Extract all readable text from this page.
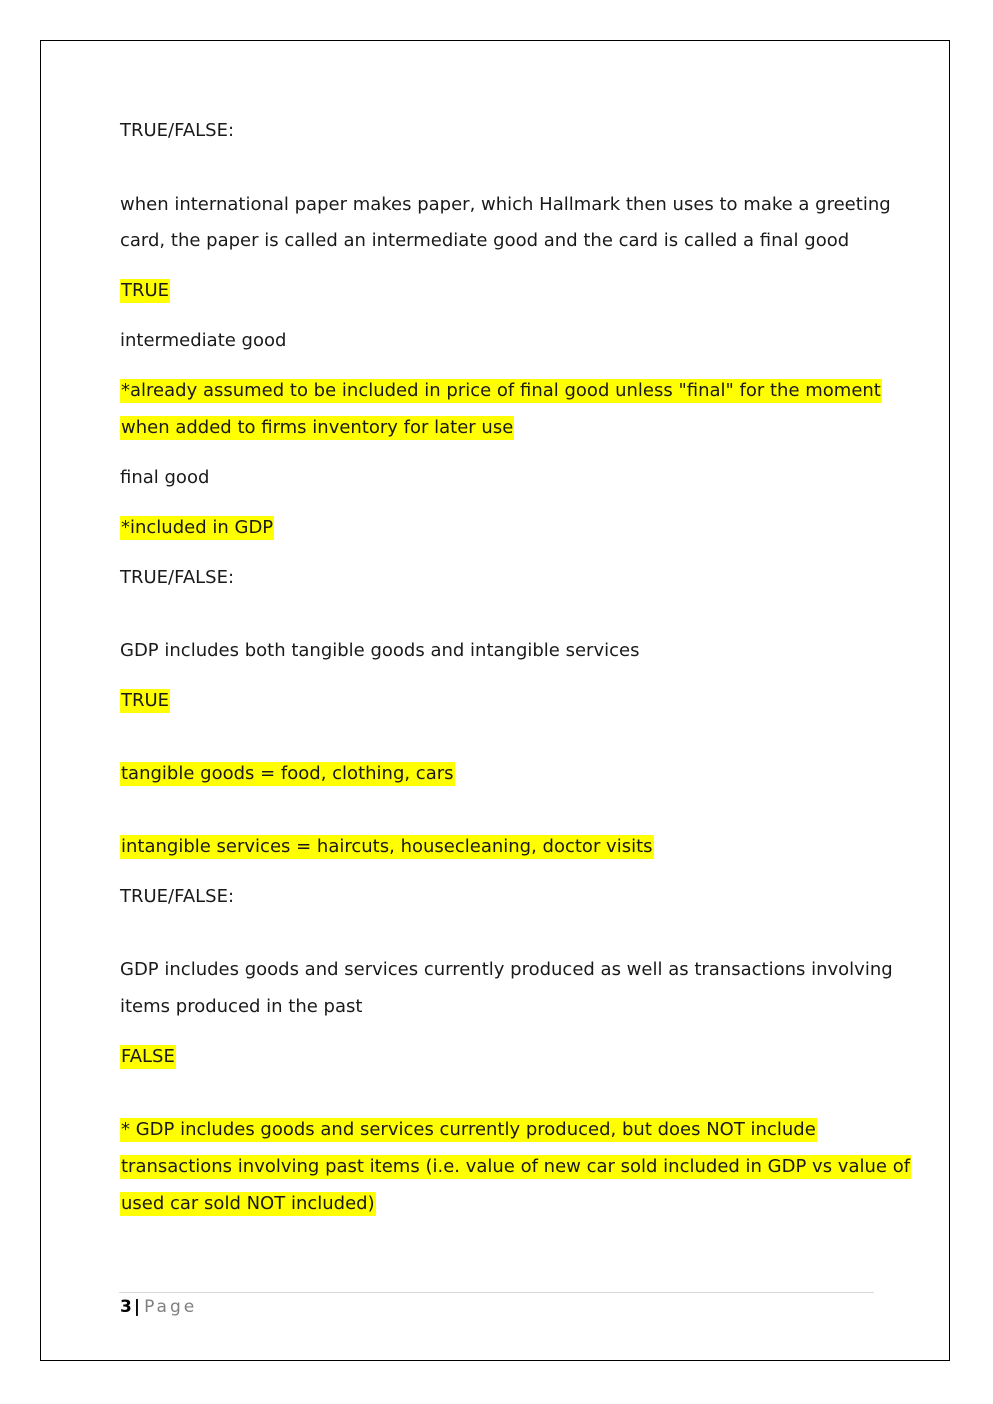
TRUE/FALSE:

when international paper makes paper, which Hallmark then uses to make a greeting

card, the paper is called an intermediate good and the card is called a final good

TRUE

intermediate good

*already assumed to be included in price of final good unless "final" for the moment

when added to firms inventory for later use

final good

*included in GDP

TRUE/FALSE:

GDP includes both tangible goods and intangible services

TRUE

tangible goods = food, clothing, cars

intangible services = haircuts, housecleaning, doctor visits

TRUE/FALSE:

GDP includes goods and services currently produced as well as transactions involving

items produced in the past

FALSE

* GDP includes goods and services currently produced, but does NOT include

transactions involving past items (i.e. value of new car sold included in GDP vs value of

used car sold NOT included)

3 | Page
